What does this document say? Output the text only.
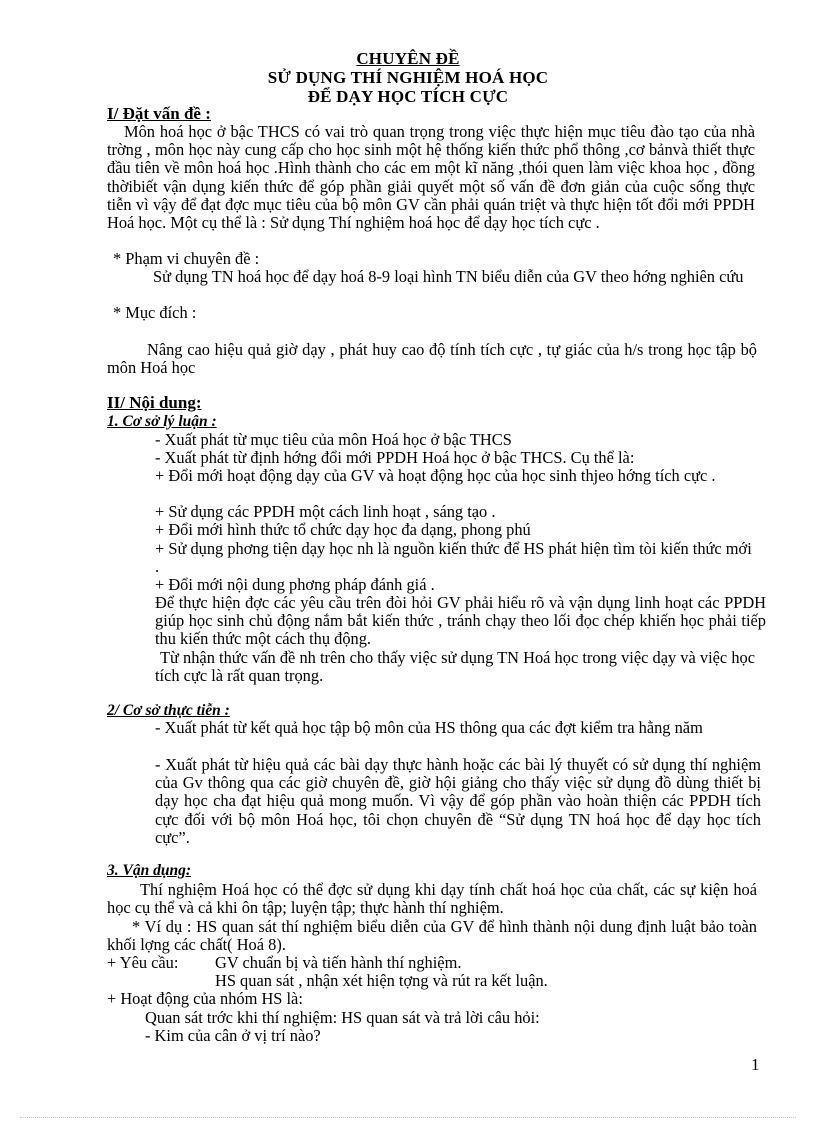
CHUYÊN ĐỀ
SỬ DỤNG THÍ NGHIỆM HOÁ HỌC
ĐỂ DẠY HỌC TÍCH CỰC
I/ Đặt vấn đề :
Môn hoá học ở bậc THCS có vai trò quan trọng trong việc thực hiện mục tiêu đào tạo của nhà trờng , môn học này cung cấp cho học sinh một hệ thống kiến thức phổ thông ,cơ bảnvà thiết thực đầu tiên về môn hoá học .Hình thành cho các em một kĩ năng ,thói quen làm việc khoa học , đồng thờibiết vận dụng kiến thức để góp phần giải quyết một số vấn đề đơn giản của cuộc sống thực tiễn vì vậy để đạt đợc mục tiêu của bộ môn GV cần phải quán triệt và thực hiện tốt đổi mới PPDH Hoá học. Một cụ thể là : Sử dụng Thí nghiệm hoá học để dạy học tích cực .
* Phạm vi chuyên đề :
Sử dụng TN hoá học để dạy hoá 8-9 loại hình TN biểu diễn của GV theo hớng nghiên cứu
* Mục đích :
Nâng cao hiệu quả giờ dạy , phát huy cao độ tính tích cực , tự giác của h/s trong học tập bộ môn Hoá học
II/ Nội dung:
1. Cơ sở lý luận :
- Xuất phát từ mục tiêu của môn Hoá học ở bậc THCS
- Xuất phát từ định hớng đổi mới PPDH Hoá học ở bậc THCS. Cụ thể là:
+ Đổi mới hoạt động dạy của GV và hoạt động học của học sinh thjeo hớng tích cực .
+ Sử dụng các PPDH một cách linh hoạt , sáng tạo .
+ Đổi mới hình thức tổ chức dạy học đa dạng, phong phú
+ Sử dụng phơng tiện dạy học nh là nguồn kiến thức để HS phát hiện tìm tòi kiến thức mới .
+ Đổi mới nội dung phơng pháp đánh giá .
Để thực hiện đợc các yêu cầu trên đòi hỏi GV phải hiểu rõ và vận dụng linh hoạt các PPDH giúp học sinh chủ động nắm bắt kiến thức , tránh chạy theo lối đọc chép khiến học phải tiếp thu kiến thức một cách thụ động.
Từ nhận thức vấn đề nh trên cho thấy việc sử dụng TN Hoá học trong việc dạy và việc học tích cực là rất quan trọng.
2/ Cơ sở thực tiễn :
- Xuất phát từ kết quả học tập bộ môn của HS thông qua các đợt kiểm tra hằng năm
- Xuất phát từ hiệu quả các bài dạy thực hành hoặc các bài lý thuyết có sử dụng thí nghiệm của Gv thông qua các giờ chuyên đề, giờ hội giảng cho thấy việc sử dụng đồ dùng thiết bị dạy học cha đạt hiệu quả mong muốn. Vì vậy để góp phần vào hoàn thiện các PPDH tích cực đối với bộ môn Hoá học, tôi chọn chuyên đề “Sử dụng TN hoá học để dạy học tích cực”.
3. Vận dụng:
Thí nghiệm Hoá học có thể đợc sử dụng khi dạy tính chất hoá học của chất, các sự kiện hoá học cụ thể và cả khi ôn tập; luyện tập; thực hành thí nghiệm.
* Ví dụ : HS quan sát thí nghiệm biểu diễn của GV để hình thành nội dung định luật bảo toàn khối lợng các chất( Hoá 8).
+ Yêu cầu: GV chuẩn bị và tiến hành thí nghiệm.
HS quan sát , nhận xét hiện tợng và rút ra kết luận.
+ Hoạt động của nhóm HS là:
Quan sát trớc khi thí nghiệm: HS quan sát và trả lời câu hỏi:
- Kim của cân ở vị trí nào?
1
